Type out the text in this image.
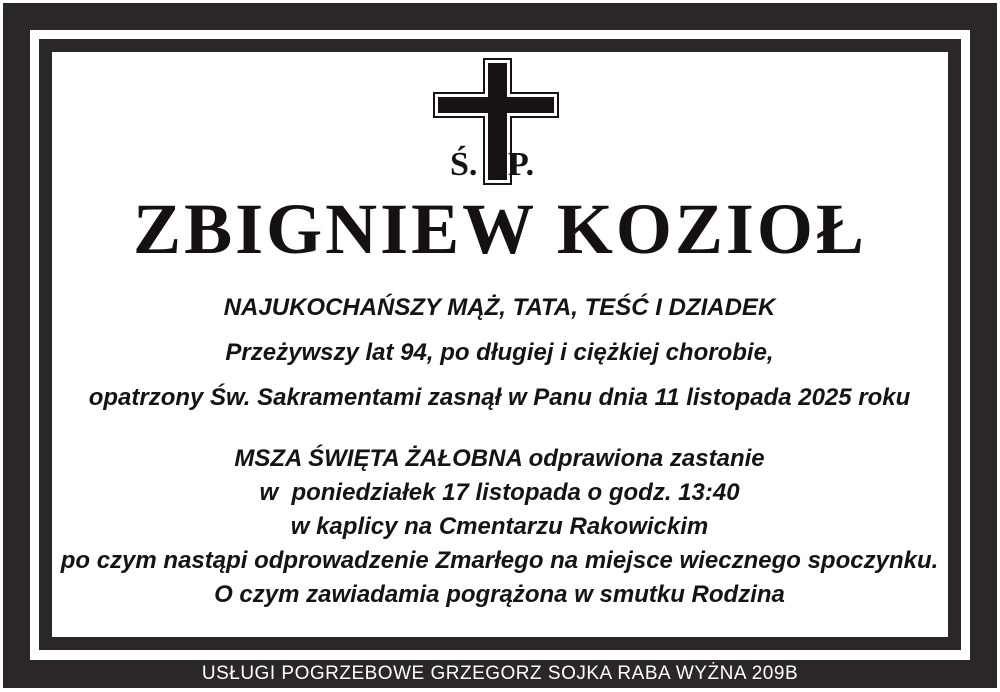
Ś. P.
ZBIGNIEW KOZIOŁ
NAJUKOCHAŃSZY MĄŻ, TATA, TEŚĆ I DZIADEK
Przeżywszy lat 94, po długiej i ciężkiej chorobie,
opatrzony Św. Sakramentami zasnął w Panu dnia 11 listopada 2025 roku
MSZA ŚWIĘTA ŻAŁOBNA odprawiona zastanie
w  poniedziałek 17 listopada o godz. 13:40
w kaplicy na Cmentarzu Rakowickim
po czym nastąpi odprowadzenie Zmarłego na miejsce wiecznego spoczynku.
O czym zawiadamia pogrążona w smutku Rodzina
USŁUGI POGRZEBOWE GRZEGORZ SOJKA RABA WYŻNA 209B
